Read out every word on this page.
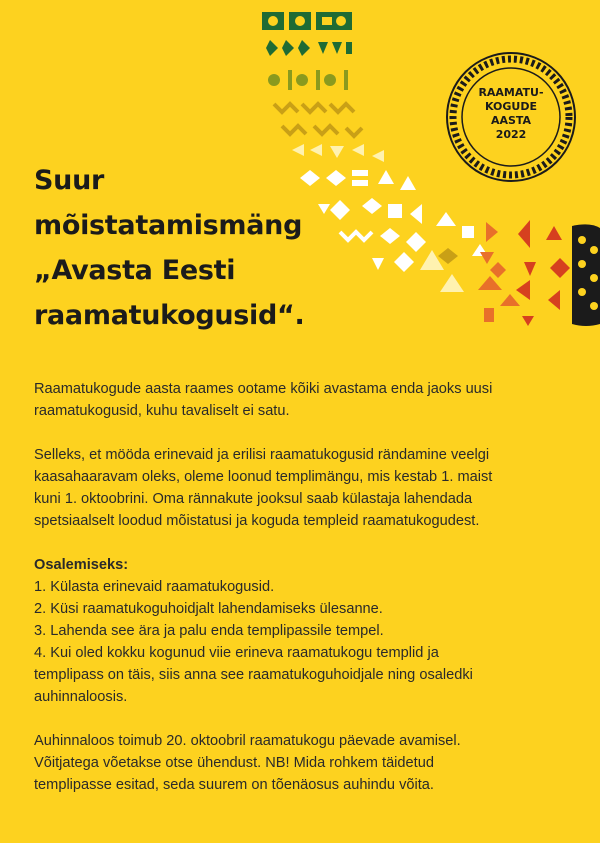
RAAMATU-
KOGUDE
AASTA
2022
Suur
mõistatamismäng
„Avasta Eesti
raamatukogusid“.

Raamatukogude aasta raames ootame kõiki avastama enda jaoks uusi
raamatukogusid, kuhu tavaliselt ei satu.

Selleks, et mööda erinevaid ja erilisi raamatukogusid rändamine veelgi
kaasahaaravam oleks, oleme loonud templimängu, mis kestab 1. maist
kuni 1. oktoobrini. Oma rännakute jooksul saab külastaja lahendada
spetsiaalselt loodud mõistatusi ja koguda templeid raamatukogudest.

Osalemiseks:
1. Külasta erinevaid raamatukogusid.
2. Küsi raamatukoguhoidjalt lahendamiseks ülesanne.
3. Lahenda see ära ja palu enda templipassile tempel.
4. Kui oled kokku kogunud viie erineva raamatukogu templid ja
templipass on täis, siis anna see raamatukoguhoidjale ning osaledki
auhinnaloosis.

Auhinnaloos toimub 20. oktoobril raamatukogu päevade avamisel.
Võitjatega võetakse otse ühendust. NB! Mida rohkem täidetud
templipasse esitad, seda suurem on tõenäosus auhindu võita.
